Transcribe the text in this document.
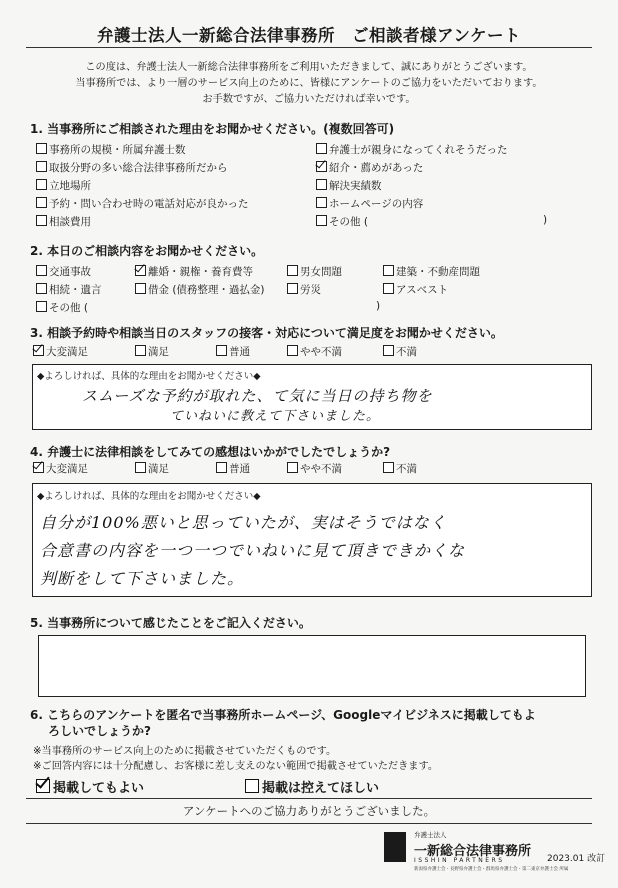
弁護士法人一新総合法律事務所　ご相談者様アンケート
この度は、弁護士法人一新総合法律事務所をご利用いただきまして、誠にありがとうございます。
当事務所では、より一層のサービス向上のために、皆様にアンケートのご協力をいただいております。
お手数ですが、ご協力いただければ幸いです。
1. 当事務所にご相談された理由をお聞かせください。(複数回答可)
事務所の規模・所属弁護士数
取扱分野の多い総合法律事務所だから
立地場所
予約・問い合わせ時の電話対応が良かった
相談費用
弁護士が親身になってくれそうだった
紹介・薦めがあった
解決実績数
ホームページの内容
その他 (	)
2. 本日のご相談内容をお聞かせください。
交通事故	離婚・親権・養育費等	男女問題	建築・不動産問題
相続・遺言	借金 (債務整理・過払金)	労災	アスベスト
その他 (	)
3. 相談予約時や相談当日のスタッフの接客・対応について満足度をお聞かせください。
大変満足	満足	普通	やや不満	不満
◆よろしければ、具体的な理由をお聞かせください◆
スムーズな予約が取れた、て気に当日の持ち物を
ていねいに教えて下さいました。
4. 弁護士に法律相談をしてみての感想はいかがでしたでしょうか?
大変満足	満足	普通	やや不満	不満
◆よろしければ、具体的な理由をお聞かせください◆
自分が100%悪いと思っていたが、実はそうではなく
合意書の内容を一つ一つでいねいに見て頂きできかくな
判断をして下さいました。
5. 当事務所について感じたことをご記入ください。
6. こちらのアンケートを匿名で当事務所ホームページ、Googleマイビジネスに掲載してもよ
ろしいでしょうか?
※当事務所のサービス向上のために掲載させていただくものです。
※ご回答内容には十分配慮し、お客様に差し支えのない範囲で掲載させていただきます。
掲載してもよい	掲載は控えてほしい
アンケートへのご協力ありがとうございました。
弁護士法人
一新総合法律事務所
ISSHIN PARTNERS
新潟県弁護士会・長野県弁護士会・群馬県弁護士会・第二東京弁護士会 所属
2023.01 改訂
